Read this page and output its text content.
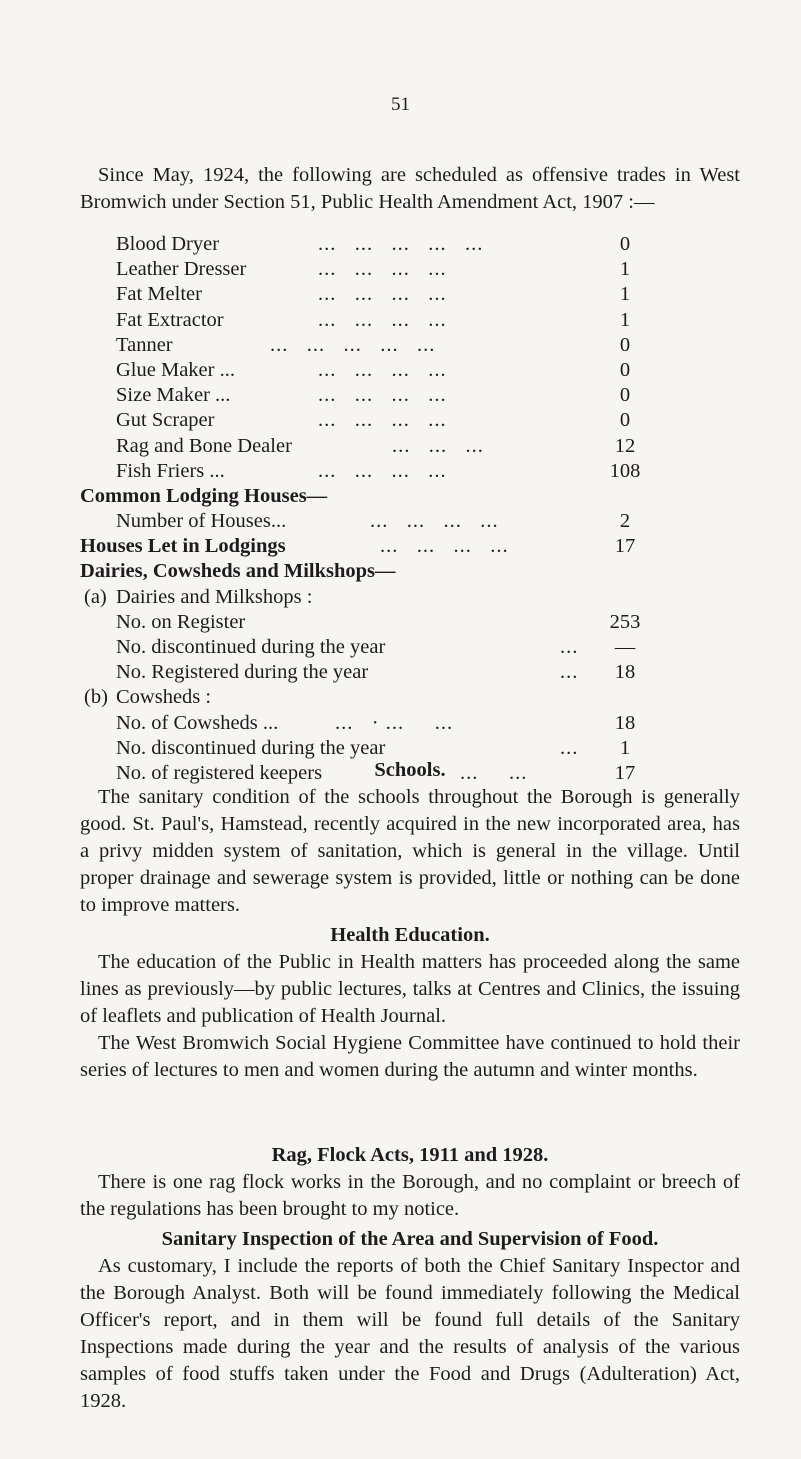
51

Since May, 1924, the following are scheduled as offensive trades in West Bromwich under Section 51, Public Health Amendment Act, 1907 :—

Blood Dryer	...   ...   ...   ...   ...	0
Leather Dresser	...   ...   ...   ...	1
Fat Melter	...   ...   ...   ...	1
Fat Extractor	...   ...   ...   ...	1
Tanner	...   ...   ...   ...   ...	0
Glue Maker ...	...   ...   ...   ...	0
Size Maker ...	...   ...   ...   ...	0
Gut Scraper	...   ...   ...   ...	0
Rag and Bone Dealer	...   ...   ...	12
Fish Friers ...	...   ...   ...   ...	108
Common Lodging Houses—
Number of Houses...	...   ...   ...   ...	2
Houses Let in Lodgings	...   ...   ...   ...	17
Dairies, Cowsheds and Milkshops—
(a) Dairies and Milkshops :
No. on Register	253
No. discontinued during the year	...	—
No. Registered during the year	...	18
(b) Cowsheds :
No. of Cowsheds ...	...   · ...     ...	18
No. discontinued during the year	...	1
No. of registered keepers	...     ...	17
Schools.

The sanitary condition of the schools throughout the Borough is generally good. St. Paul's, Hamstead, recently acquired in the new incorporated area, has a privy midden system of sanitation, which is general in the village. Until proper drainage and sewerage system is provided, little or nothing can be done to improve matters.

Health Education.

The education of the Public in Health matters has proceeded along the same lines as previously—by public lectures, talks at Centres and Clinics, the issuing of leaflets and publication of Health Journal.

The West Bromwich Social Hygiene Committee have continued to hold their series of lectures to men and women during the autumn and winter months.

Rag, Flock Acts, 1911 and 1928.

There is one rag flock works in the Borough, and no complaint or breech of the regulations has been brought to my notice.

Sanitary Inspection of the Area and Supervision of Food.

As customary, I include the reports of both the Chief Sanitary Inspector and the Borough Analyst. Both will be found immediately following the Medical Officer's report, and in them will be found full details of the Sanitary Inspections made during the year and the results of analysis of the various samples of food stuffs taken under the Food and Drugs (Adulteration) Act, 1928.
